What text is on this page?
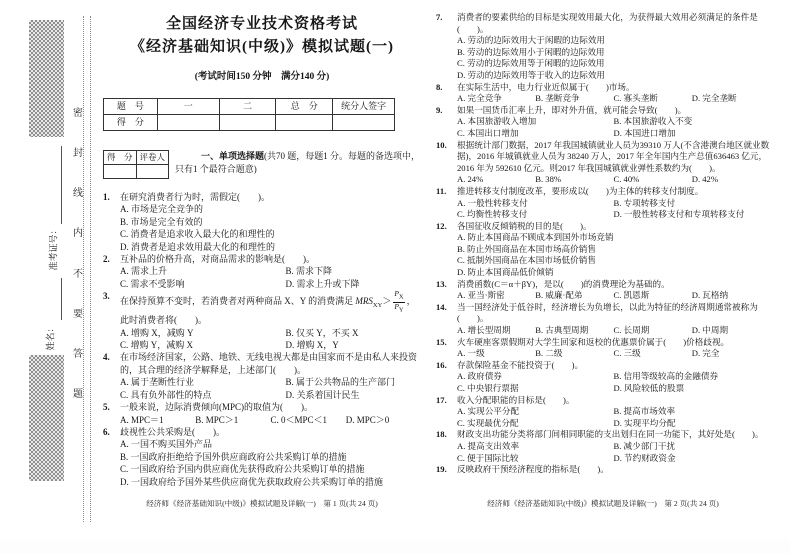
准考证号：
姓名：
密
封
线
内
不
要
答
题
全国经济专业技术资格考试
《经济基础知识(中级)》模拟试题(一)
(考试时间150 分钟　满分140 分)
题　号	一	二	总　分	统分人签字
得　分				
得　分	评卷人
		一、单项选择题(共70 题，每题1 分。每题的备选项中，只有1 个最符合题意)
1.	在研究消费者行为时，需假定(　　)。
A. 市场是完全竞争的
B. 市场是完全有效的
C. 消费者是追求收入最大化的和理性的
D. 消费者是追求效用最大化的和理性的
2.	互补品的价格升高，对商品需求的影响是(　　)。
A. 需求上升	B. 需求下降
C. 需求不受影响	D. 需求上升或下降
3.
在保持预算不变时，若消费者对两种商品 X、Y 的消费满足 $MRS_{XY}> \frac{P_X}{P_Y}$ ，此时消费者将(　　)。
A. 增购 X，减购 Y	B. 仅买 Y，不买 X
C. 增购 Y，减购 X	D. 增购 X，Y
4.	在市场经济国家，公路、地铁、无线电视大都是由国家而不是由私人来投资的，其合理的经济学解释是，上述部门(　　)。
A. 属于垄断性行业	B. 属于公共物品的生产部门
C. 具有负外部性的特点	D. 关系着国计民生
5.	一般来说，边际消费倾向(MPC)的取值为(　　)。
A. MPC＝1	B. MPC＞1	C. 0＜MPC＜1	D. MPC＞0
6.	歧视性公共采购是(　　)。
A. 一国不购买国外产品
B. 一国政府拒绝给予国外供应商政府公共采购订单的措施
C. 一国政府给予国内供应商优先获得政府公共采购订单的措施
D. 一国政府给予国外某些供应商优先获取政府公共采购订单的措施
经济师《经济基础知识(中级)》模拟试题及详解(一)　第 1 页(共 24 页)
7.	消费者的要素供给的目标是实现效用最大化，为获得最大效用必须满足的条件是(　　)。
A. 劳动的边际效用大于闲暇的边际效用
B. 劳动的边际效用小于闲暇的边际效用
C. 劳动的边际效用等于闲暇的边际效用
D. 劳动的边际效用等于收入的边际效用
8.	在实际生活中，电力行业近似属于(　　)市场。
A. 完全竞争	B. 垄断竞争	C. 寡头垄断	D. 完全垄断
9.	如果一国货币汇率上升，即对外升值，就可能会导致(　　)。
A. 本国旅游收入增加	B. 本国旅游收入不变
C. 本国出口增加	D. 本国进口增加
10.	根据统计部门数据，2017 年我国城镇就业人员为39310 万人(不含港澳台地区就业数据)，2016 年城镇就业人员为 38240 万人，2017 年全年国内生产总值636463 亿元，2016 年为 592610 亿元。则2017 年我国城镇就业弹性系数约为(　　)。
A. 24%	B. 38%	C. 40%	D. 42%
11.	推进转移支付制度改革，要形成以(　　)为主体的转移支付制度。
A. 一般性转移支付	B. 专项转移支付
C. 均衡性转移支付	D. 一般性转移支付和专项转移支付
12.	各国征收反倾销税的目的是(　　)。
A. 防止本国商品不顾成本到国外市场竞销
B. 防止外国商品在本国市场高价销售
C. 抵制外国商品在本国市场低价销售
D. 防止本国商品低价倾销
13.	消费函数(C＝α＋βY)，是以(　　)的消费理论为基础的。
A. 亚当·斯密	B. 威廉·配弟	C. 凯恩斯	D. 瓦格纳
14.	当一国经济处于低谷时，经济增长为负增长，以此为特征的经济周期通常被称为(　　)。
A. 增长型周期	B. 古典型周期	C. 长周期	D. 中周期
15.	火车硬座客票假期对大学生回家和返校的优惠票价属于(　　)价格歧视。
A. 一级	B. 二级	C. 三级	D. 完全
16.	存款保险基金不能投资于(　　)。
A. 政府债券	B. 信用等级较高的金融债券
C. 中央银行票据	D. 风险较低的股票
17.	收入分配职能的目标是(　　)。
A. 实现公平分配	B. 提高市场效率
C. 实现最优分配	D. 实现平均分配
18.	财政支出功能分类将部门间相同职能的支出划归在同一功能下，其好处是(　　)。
A. 提高支出效率	B. 减少部门干扰
C. 便于国际比较	D. 节约财政资金
19.	反映政府干预经济程度的指标是(　　)。
经济师《经济基础知识(中级)》模拟试题及详解(一)　第 2 页(共 24 页)
